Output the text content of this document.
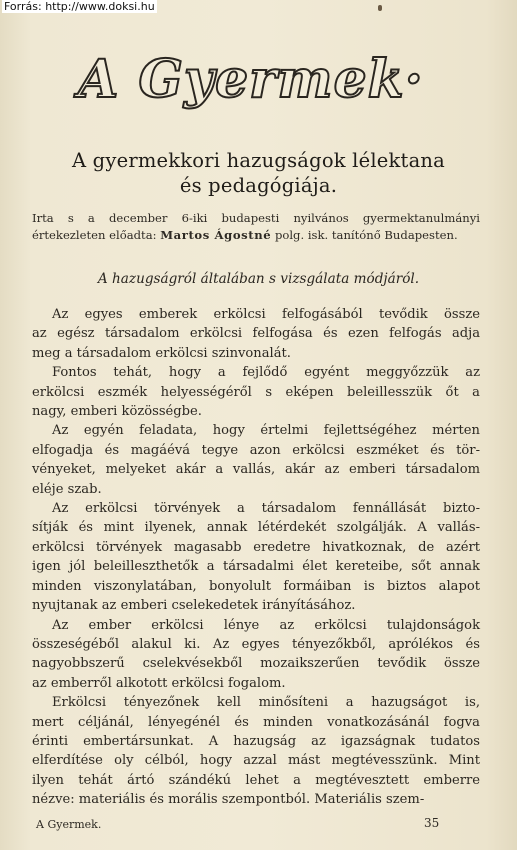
Forrás: http://www.doksi.hu
A Gyermek·
A gyermekkori hazugságok lélektana
és pedagógiája.
Irta s a december 6-iki budapesti nyilvános gyermektanulmányi
értekezleten előadta: Martos Ágostné polg. isk. tanítónő Budapesten.
A hazugságról általában s vizsgálata módjáról.

Az egyes emberek erkölcsi felfogásából tevődik össze
az egész társadalom erkölcsi felfogása és ezen felfogás adja
meg a társadalom erkölcsi szinvonalát.

Fontos tehát, hogy a fejlődő egyént meggyőzzük az
erkölcsi eszmék helyességéről s eképen beleillesszük őt a
nagy, emberi közösségbe.

Az egyén feladata, hogy értelmi fejlettségéhez mérten
elfogadja és magáévá tegye azon erkölcsi eszméket és tör-
vényeket, melyeket akár a vallás, akár az emberi társadalom
eléje szab.

Az erkölcsi törvények a társadalom fennállását bizto-
sítják és mint ilyenek, annak létérdekét szolgálják. A vallás-
erkölcsi törvények magasabb eredetre hivatkoznak, de azért
igen jól beleilleszthetők a társadalmi élet kereteibe, sőt annak
minden viszonylatában, bonyolult formáiban is biztos alapot
nyujtanak az emberi cselekedetek irányításához.

Az ember erkölcsi lénye az erkölcsi tulajdonságok
összeségéből alakul ki. Az egyes tényezőkből, aprólékos és
nagyobbszerű cselekvésekből mozaikszerűen tevődik össze
az emberről alkotott erkölcsi fogalom.

Erkölcsi tényezőnek kell minősíteni a hazugságot is,
mert céljánál, lényegénél és minden vonatkozásánál fogva
érinti embertársunkat. A hazugság az igazságnak tudatos
elferdítése oly célból, hogy azzal mást megtévesszünk. Mint
ilyen tehát ártó szándékú lehet a megtévesztett emberre
nézve: materiális és morális szempontból. Materiális szem-

A Gyermek.	35
